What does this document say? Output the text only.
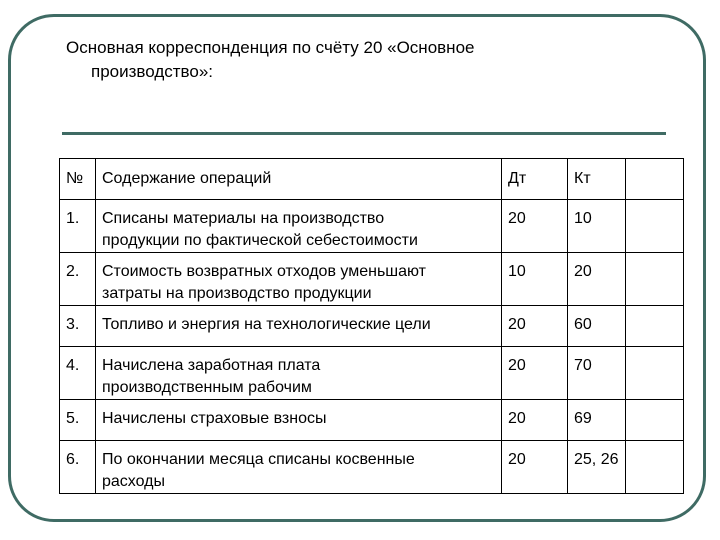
Основная корреспонденция по счёту 20 «Основное
производство»:
№	Содержание операций	Дт	Кт	
1.	Списаны материалы на производство
продукции по фактической себестоимости	20	10	
2.	Стоимость возвратных отходов уменьшают
затраты на производство продукции	10	20	
3.	Топливо и энергия на технологические цели	20	60	
4.	Начислена заработная плата
производственным рабочим	20	70	
5.	Начислены страховые взносы	20	69	
6.	По окончании месяца списаны косвенные
расходы	20	25, 26	
